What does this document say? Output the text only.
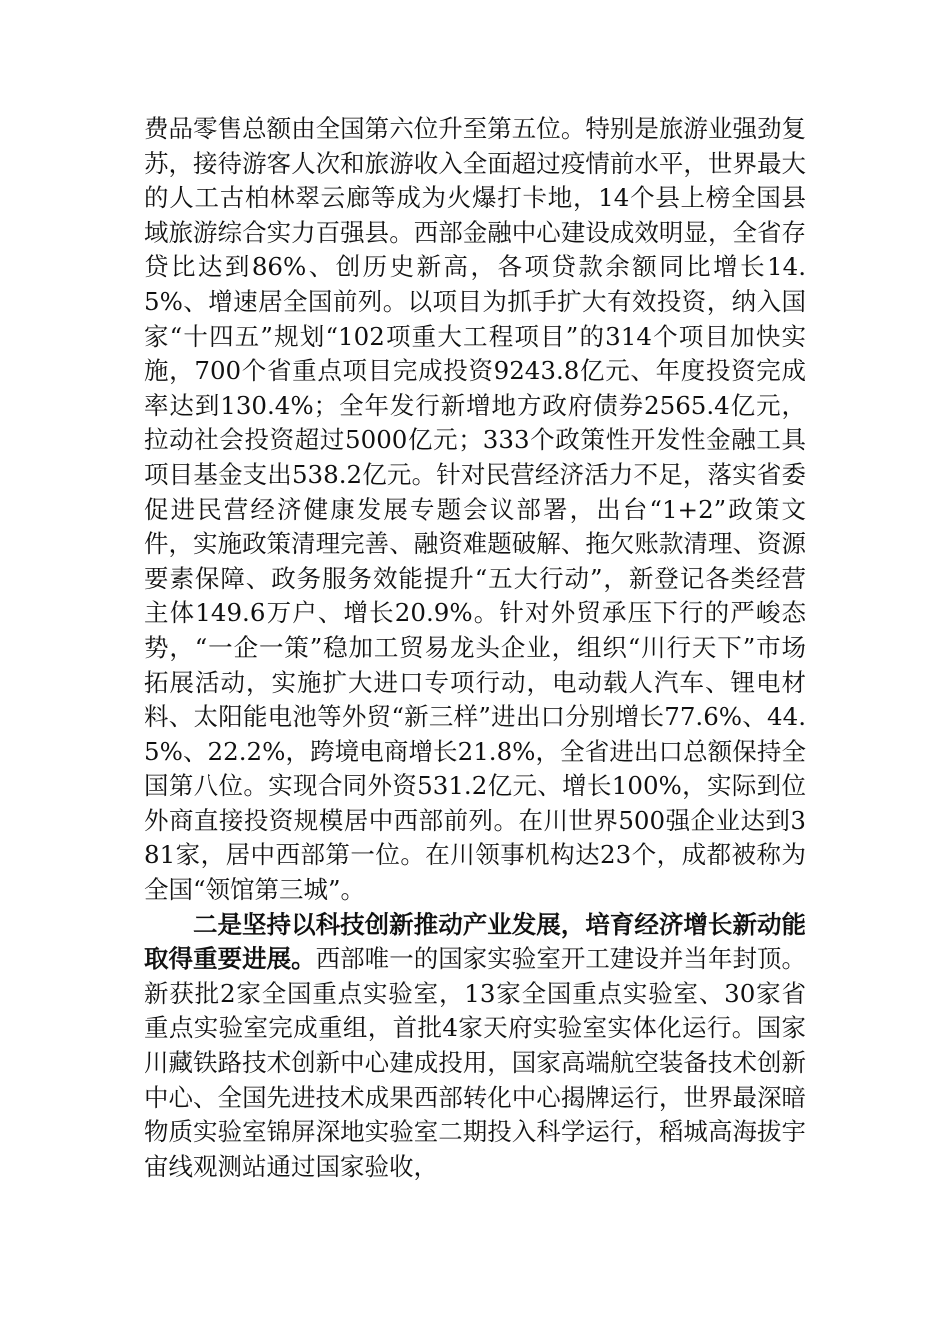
费品零售总额由全国第六位升至第五位。特别是旅游业强劲复苏，接待游客人次和旅游收入全面超过疫情前水平，世界最大的人工古柏林翠云廊等成为火爆打卡地，14个县上榜全国县域旅游综合实力百强县。西部金融中心建设成效明显，全省存贷比达到86%、创历史新高，各项贷款余额同比增长14.5%、增速居全国前列。以项目为抓手扩大有效投资，纳入国家“十四五”规划“102项重大工程项目”的314个项目加快实施，700个省重点项目完成投资9243.8亿元、年度投资完成率达到130.4%；全年发行新增地方政府债券2565.4亿元，拉动社会投资超过5000亿元；333个政策性开发性金融工具项目基金支出538.2亿元。针对民营经济活力不足，落实省委促进民营经济健康发展专题会议部署，出台“1+2”政策文件，实施政策清理完善、融资难题破解、拖欠账款清理、资源要素保障、政务服务效能提升“五大行动”，新登记各类经营主体149.6万户、增长20.9%。针对外贸承压下行的严峻态势，“一企一策”稳加工贸易龙头企业，组织“川行天下”市场拓展活动，实施扩大进口专项行动，电动载人汽车、锂电材料、太阳能电池等外贸“新三样”进出口分别增长77.6%、44.5%、22.2%，跨境电商增长21.8%，全省进出口总额保持全国第八位。实现合同外资531.2亿元、增长100%，实际到位外商直接投资规模居中西部前列。在川世界500强企业达到381家，居中西部第一位。在川领事机构达23个，成都被称为全国“领馆第三城”。

二是坚持以科技创新推动产业发展，培育经济增长新动能取得重要进展。西部唯一的国家实验室开工建设并当年封顶。新获批2家全国重点实验室，13家全国重点实验室、30家省重点实验室完成重组，首批4家天府实验室实体化运行。国家川藏铁路技术创新中心建成投用，国家高端航空装备技术创新中心、全国先进技术成果西部转化中心揭牌运行，世界最深暗物质实验室锦屏深地实验室二期投入科学运行，稻城高海拔宇宙线观测站通过国家验收，
